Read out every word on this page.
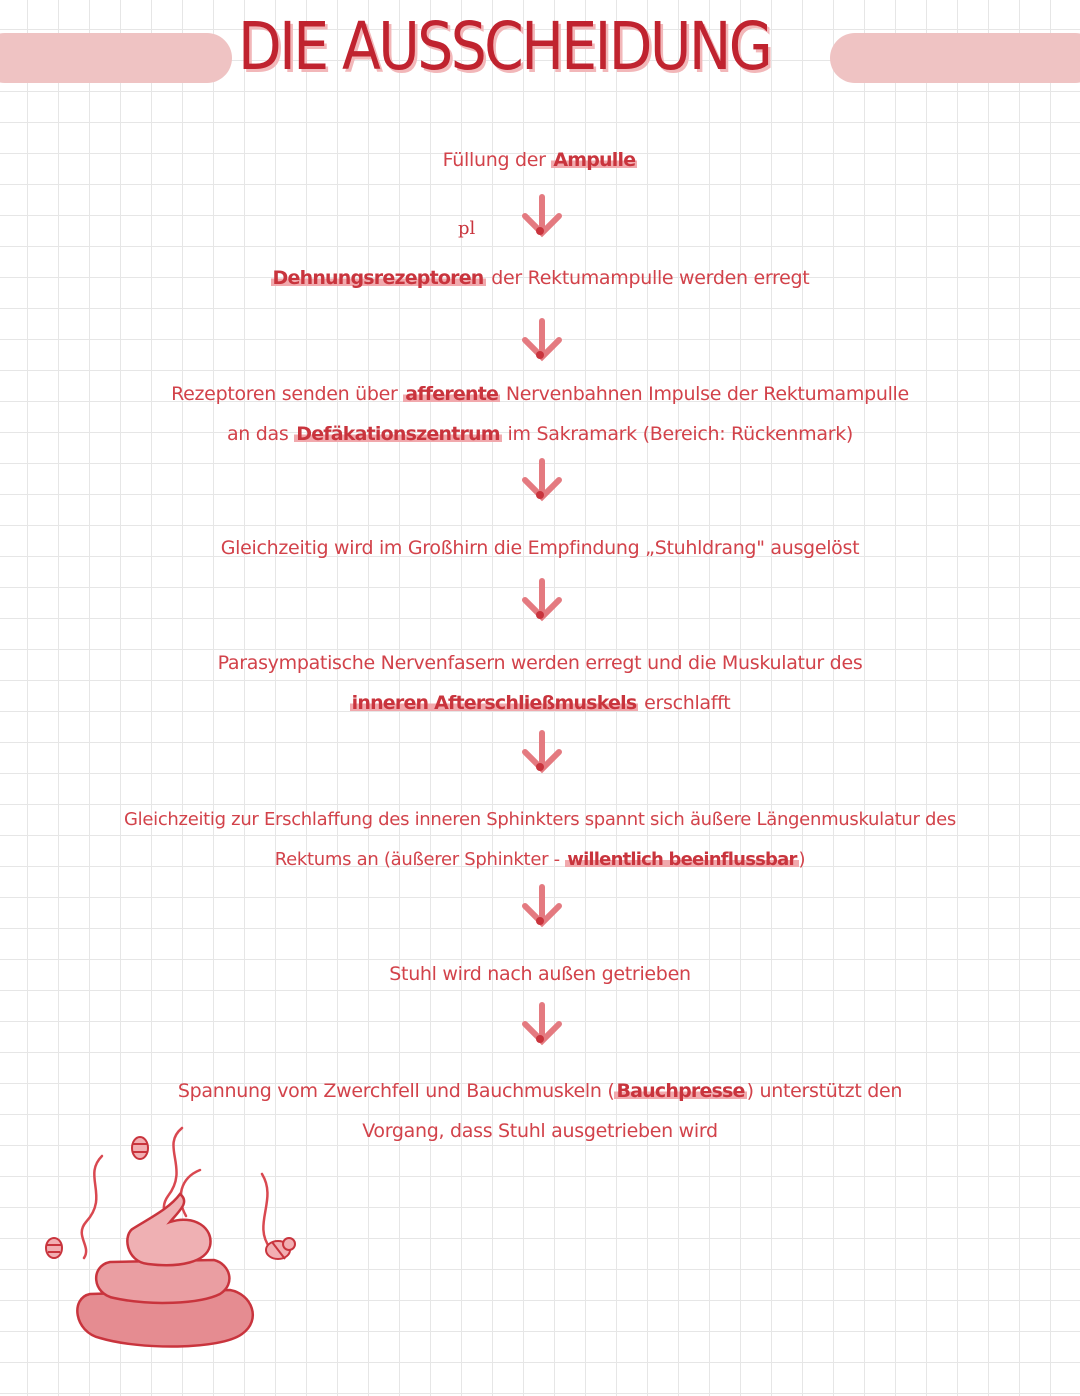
DIE AUSSCHEIDUNG
Füllung der Ampulle
pl
Dehnungsrezeptoren der Rektumampulle werden erregt
Rezeptoren senden über afferente Nervenbahnen Impulse der Rektumampulle
an das Defäkationszentrum im Sakramark (Bereich: Rückenmark)
Gleichzeitig wird im Großhirn die Empfindung „Stuhldrang" ausgelöst
Parasympatische Nervenfasern werden erregt und die Muskulatur des
inneren Afterschließmuskels erschlafft
Gleichzeitig zur Erschlaffung des inneren Sphinkters spannt sich äußere Längenmuskulatur des
Rektums an (äußerer Sphinkter - willentlich beeinflussbar )
Stuhl wird nach außen getrieben
Spannung vom Zwerchfell und Bauchmuskeln ( Bauchpresse ) unterstützt den
Vorgang, dass Stuhl ausgetrieben wird
